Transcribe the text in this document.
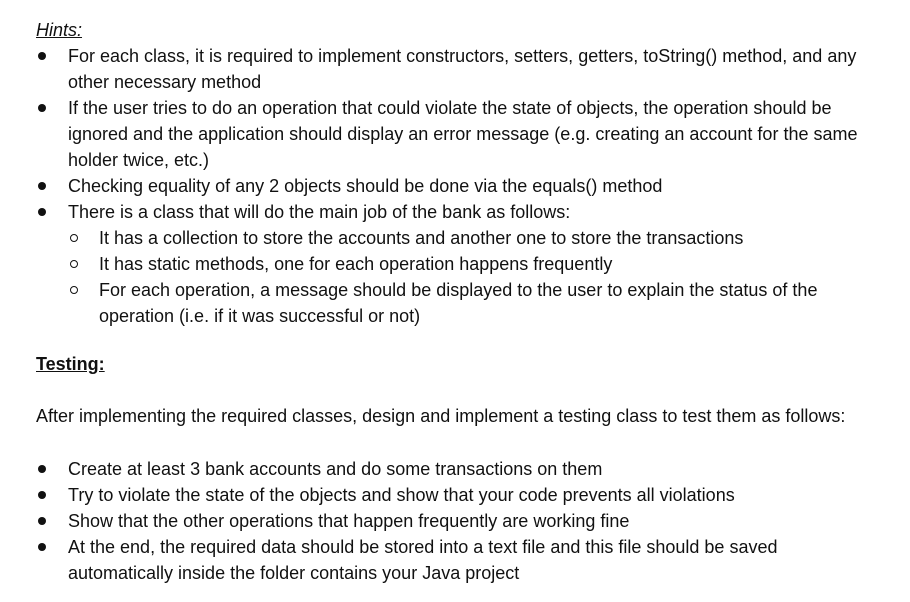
Hints:
For each class, it is required to implement constructors, setters, getters, toString() method, and any other necessary method
If the user tries to do an operation that could violate the state of objects, the operation should be ignored and the application should display an error message (e.g. creating an account for the same holder twice, etc.)
Checking equality of any 2 objects should be done via the equals() method
There is a class that will do the main job of the bank as follows:
It has a collection to store the accounts and another one to store the transactions
It has static methods, one for each operation happens frequently
For each operation, a message should be displayed to the user to explain the status of the operation (i.e. if it was successful or not)
Testing:

After implementing the required classes, design and implement a testing class to test them as follows:

Create at least 3 bank accounts and do some transactions on them
Try to violate the state of the objects and show that your code prevents all violations
Show that the other operations that happen frequently are working fine
At the end, the required data should be stored into a text file and this file should be saved automatically inside the folder contains your Java project
